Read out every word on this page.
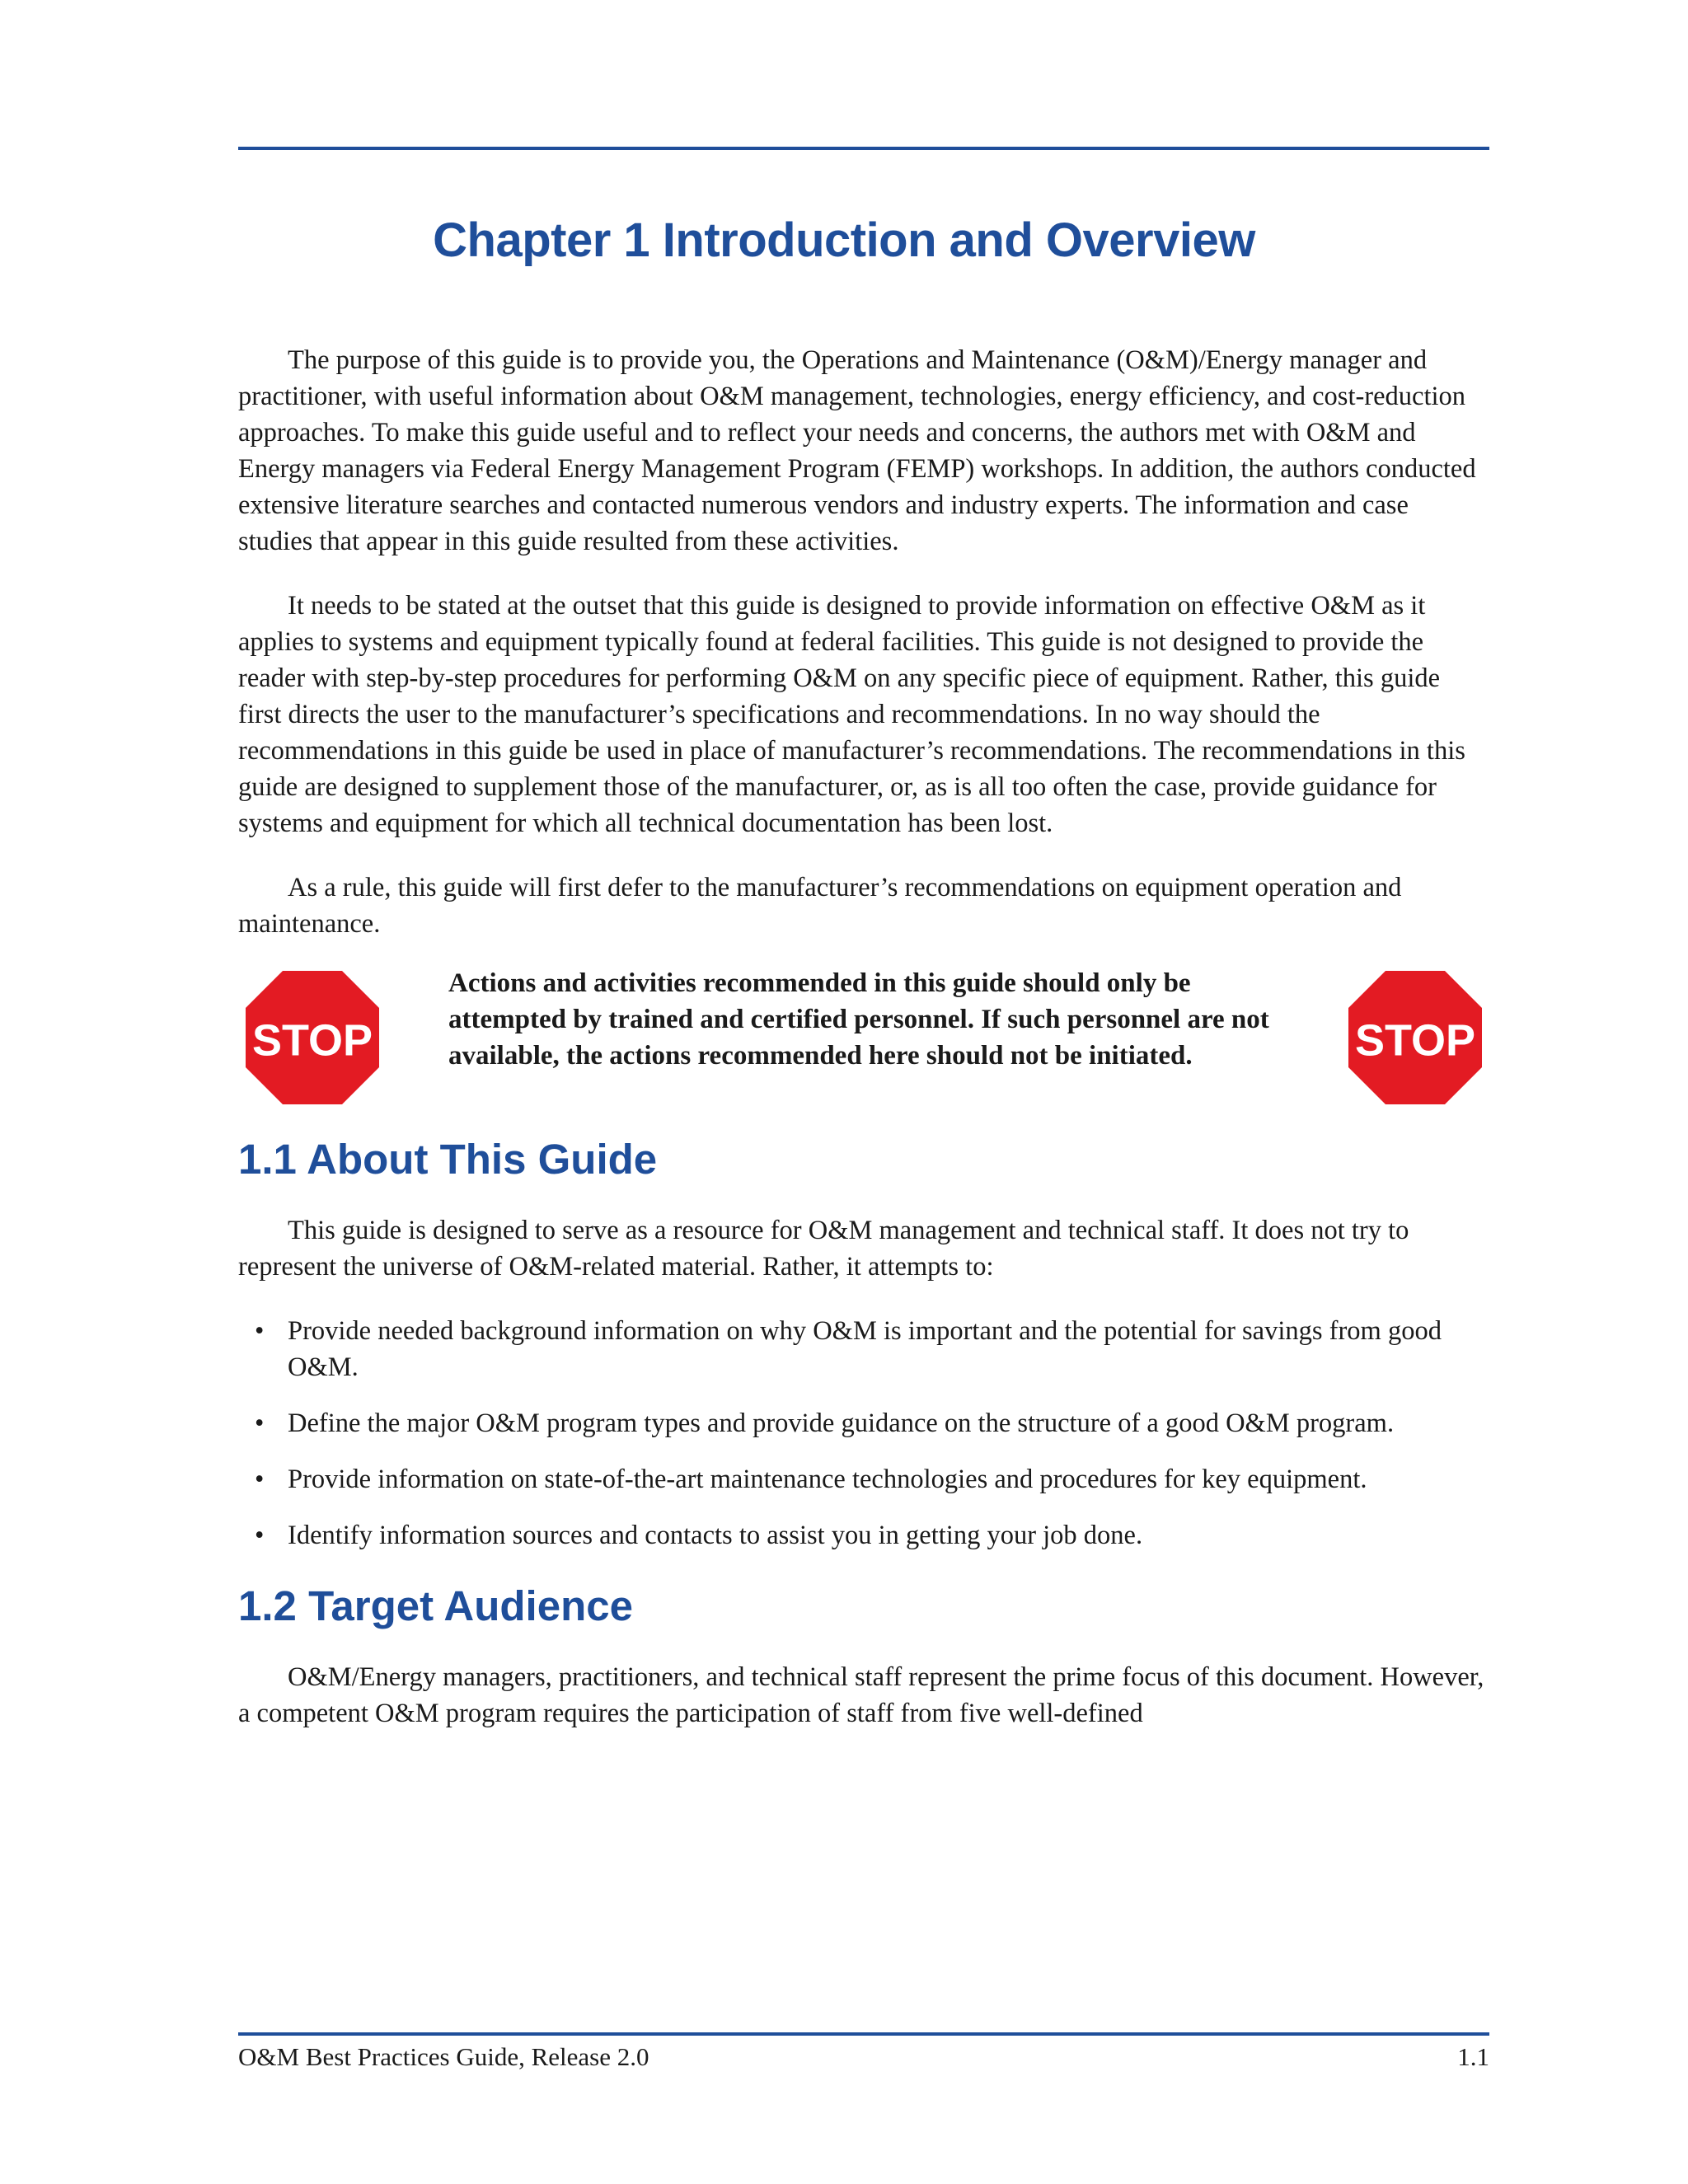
Chapter 1 Introduction and Overview

The purpose of this guide is to provide you, the Operations and Maintenance (O&M)/Energy manager and practitioner, with useful information about O&M management, technologies, energy efficiency, and cost-reduction approaches. To make this guide useful and to reflect your needs and concerns, the authors met with O&M and Energy managers via Federal Energy Management Program (FEMP) workshops. In addition, the authors conducted extensive literature searches and contacted numerous vendors and industry experts. The information and case studies that appear in this guide resulted from these activities.

It needs to be stated at the outset that this guide is designed to provide information on effective O&M as it applies to systems and equipment typically found at federal facilities. This guide is not designed to provide the reader with step-by-step procedures for performing O&M on any specific piece of equipment. Rather, this guide first directs the user to the manufacturer’s specifications and recommendations. In no way should the recommendations in this guide be used in place of manufacturer’s recommendations. The recommendations in this guide are designed to supplement those of the manufacturer, or, as is all too often the case, provide guidance for systems and equipment for which all technical documentation has been lost.

As a rule, this guide will first defer to the manufacturer’s recommendations on equipment operation and maintenance.

STOP
Actions and activities recommended in this guide should only be attempted by trained and certified personnel. If such personnel are not available, the actions recommended here should not be initiated.	STOP
1.1 About This Guide

This guide is designed to serve as a resource for O&M management and technical staff. It does not try to represent the universe of O&M-related material. Rather, it attempts to:

• Provide needed background information on why O&M is important and the potential for savings from good O&M.
• Define the major O&M program types and provide guidance on the structure of a good O&M program.
• Provide information on state-of-the-art maintenance technologies and procedures for key equipment.
• Identify information sources and contacts to assist you in getting your job done.
1.2 Target Audience

O&M/Energy managers, practitioners, and technical staff represent the prime focus of this document. However, a competent O&M program requires the participation of staff from five well-defined

O&M Best Practices Guide, Release 2.0	1.1
